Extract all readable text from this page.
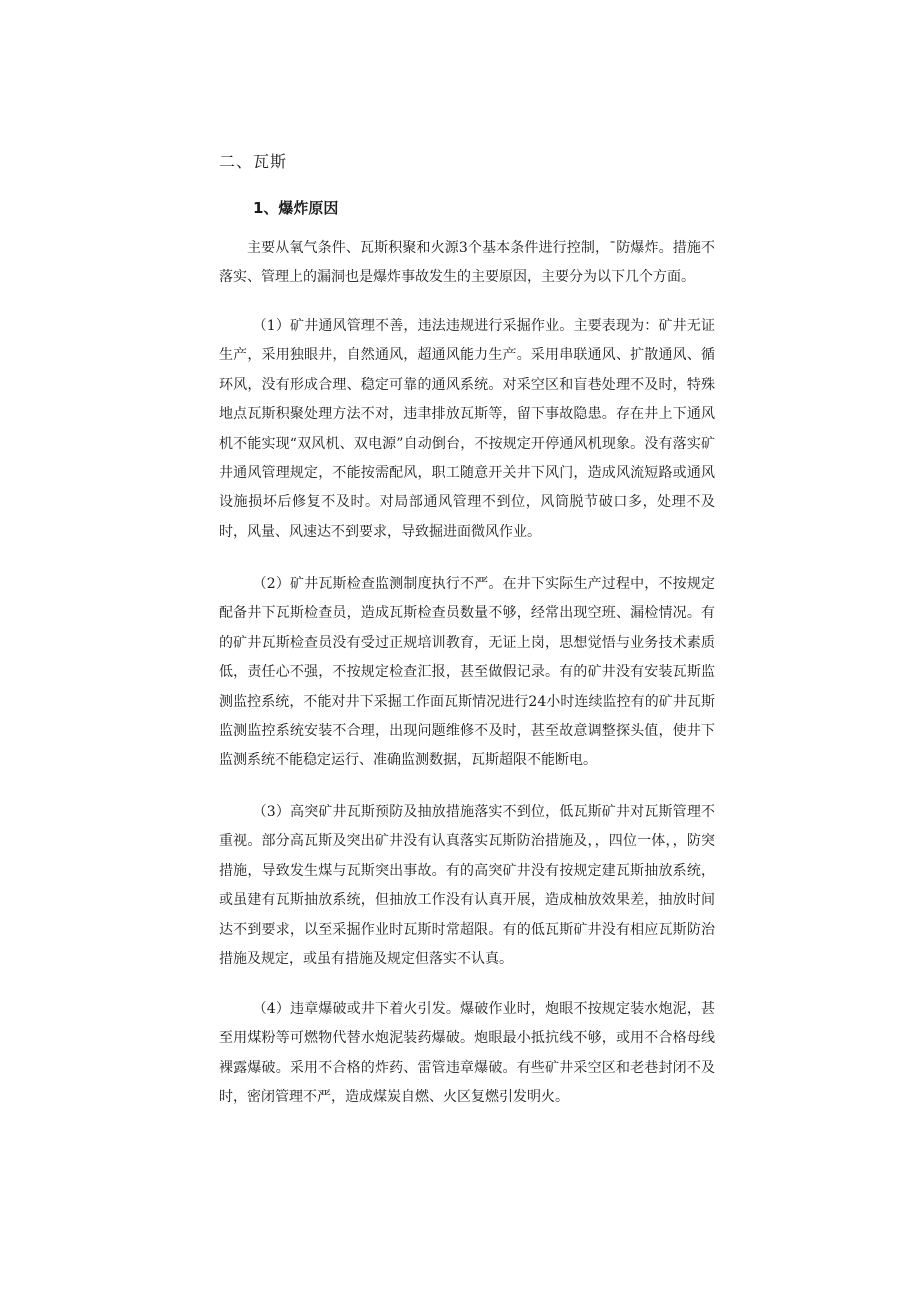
二、瓦斯
1、爆炸原因

主要从氧气条件、瓦斯积聚和火源3个基本条件进行控制，ˉ防爆炸。措施不落实、管理上的漏洞也是爆炸事故发生的主要原因，主要分为以下几个方面。

（1）矿井通风管理不善，违法违规进行采掘作业。主要表现为：矿井无证生产，采用独眼井，自然通风，超通风能力生产。采用串联通风、扩散通风、循环风，没有形成合理、稳定可靠的通风系统。对采空区和盲巷处理不及时，特殊地点瓦斯积聚处理方法不对，违聿排放瓦斯等，留下事故隐患。存在井上下通风机不能实现“双风机、双电源”自动倒台，不按规定开停通风机现象。没有落实矿井通风管理规定，不能按需配风，职工随意开关井下风门，造成风流短路或通风设施损坏后修复不及时。对局部通风管理不到位，风筒脱节破口多，处理不及时，风量、风速达不到要求，导致掘进面微风作业。

（2）矿井瓦斯检查监测制度执行不严。在井下实际生产过程中，不按规定配备井下瓦斯检查员，造成瓦斯检查员数量不够，经常出现空班、漏检情况。有的矿井瓦斯检查员没有受过正规培训教育，无证上岗，思想觉悟与业务技术素质低，责任心不强，不按规定检查汇报，甚至做假记录。有的矿井没有安装瓦斯监测监控系统，不能对井下采掘工作面瓦斯情况进行24小时连续监控有的矿井瓦斯监测监控系统安装不合理，出现问题维修不及时，甚至故意调整探头值，使井下监测系统不能稳定运行、准确监测数据，瓦斯超限不能断电。

（3）高突矿井瓦斯预防及抽放措施落实不到位，低瓦斯矿井对瓦斯管理不重视。部分高瓦斯及突出矿井没有认真落实瓦斯防治措施及，，四位一体，，防突措施，导致发生煤与瓦斯突出事故。有的高突矿井没有按规定建瓦斯抽放系统，或虽建有瓦斯抽放系统，但抽放工作没有认真开展，造成柚放效果差，抽放时间达不到要求，以至采掘作业时瓦斯时常超限。有的低瓦斯矿井没有相应瓦斯防治措施及规定，或虽有措施及规定但落实不认真。

（4）违章爆破或井下着火引发。爆破作业时，炮眼不按规定装水炮泥，甚至用煤粉等可燃物代替水炮泥装药爆破。炮眼最小抵抗线不够，或用不合格母线裸露爆破。采用不合格的炸药、雷管违章爆破。有些矿井采空区和老巷封闭不及时，密闭管理不严，造成煤炭自燃、火区复燃引发明火。
